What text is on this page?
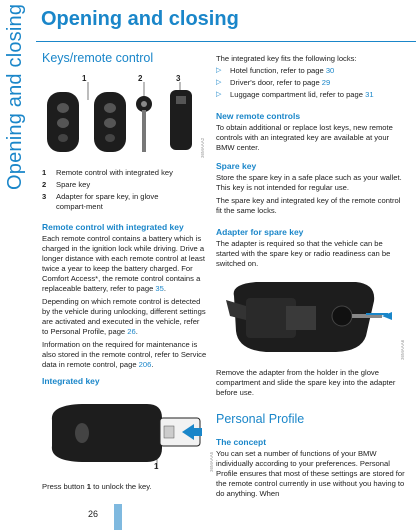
Opening and closing Opening and closing
Keys/remote control
1	2	3
36MAAA2
1	Remote control with integrated key
2	Spare key
3	Adapter for spare key, in glove compart-ment
Remote control with integrated key

Each remote control contains a battery which is charged in the ignition lock while driving. Drive a longer distance with each remote control at least twice a year to keep the battery charged. For Comfort Access*, the remote control contains a replaceable battery, refer to page 35.

Depending on which remote control is detected by the vehicle during unlocking, different settings are activated and executed in the vehicle, refer to Personal Profile, page 26.

Information on the required for maintenance is also stored in the remote control, refer to Service data in remote control, page 206.

Integrated key
1	36MAAA5
Press button 1 to unlock the key.
The integrated key fits the following locks:
▷	Hotel function, refer to page 30
▷	Driver's door, refer to page 29
▷	Luggage compartment lid, refer to page 31
New remote controls
To obtain additional or replace lost keys, new remote controls with an integrated key are available at your BMW center.
Spare key

Store the spare key in a safe place such as your wallet. This key is not intended for regular use.

The spare key and integrated key of the remote control fit the same locks.

Adapter for spare key
The adapter is required so that the vehicle can be started with the spare key or radio readiness can be switched on.
36MAAA6
Remove the adapter from the holder in the glove compartment and slide the spare key into the adapter before use.
Personal Profile
The concept
You can set a number of functions of your BMW individually according to your preferences. Personal Profile ensures that most of these settings are stored for the remote control currently in use without you having to do anything. When
26
